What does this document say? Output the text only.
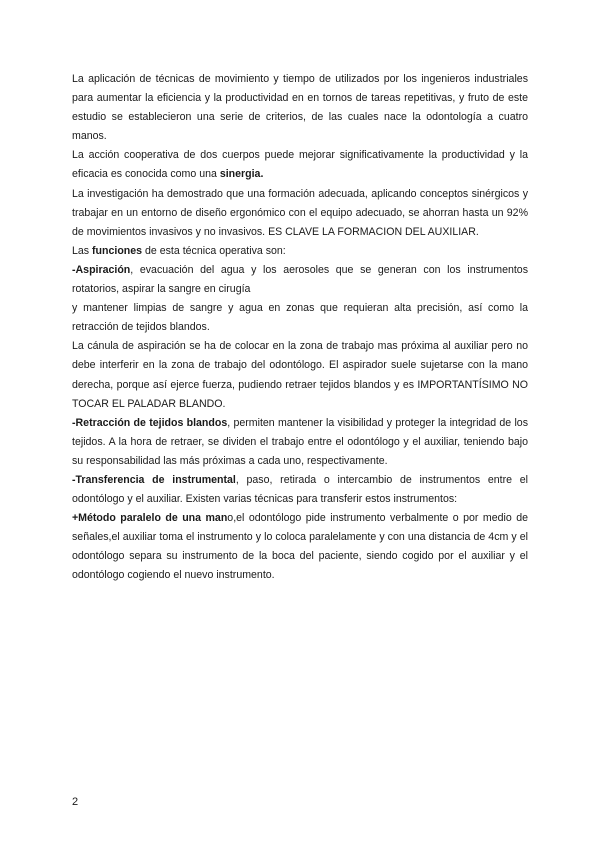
La aplicación de técnicas de movimiento y tiempo de utilizados por los ingenieros industriales para aumentar la eficiencia y la productividad en en tornos de tareas repetitivas, y fruto de este estudio se establecieron una serie de criterios, de las cuales nace la odontología a cuatro manos.

La acción cooperativa de dos cuerpos puede mejorar significativamente la productividad y la eficacia es conocida como una sinergia.

La investigación ha demostrado que una formación adecuada, aplicando conceptos sinérgicos y trabajar en un entorno de diseño ergonómico con el equipo adecuado, se ahorran hasta un 92% de movimientos invasivos y no invasivos. ES CLAVE LA FORMACION DEL AUXILIAR.

Las funciones de esta técnica operativa son:

-Aspiración, evacuación del agua y los aerosoles que se generan con los instrumentos rotatorios, aspirar la sangre en cirugía

y mantener limpias de sangre y agua en zonas que requieran alta precisión, así como la retracción de tejidos blandos.

La cánula de aspiración se ha de colocar en la zona de trabajo mas próxima al auxiliar pero no debe interferir en la zona de trabajo del odontólogo. El aspirador suele sujetarse con la mano derecha, porque así ejerce fuerza, pudiendo retraer tejidos blandos y es IMPORTANTÍSIMO NO TOCAR EL PALADAR BLANDO.

-Retracción de tejidos blandos, permiten mantener la visibilidad y proteger la integridad de los tejidos. A la hora de retraer, se dividen el trabajo entre el odontólogo y el auxiliar, teniendo bajo su responsabilidad las más próximas a cada uno, respectivamente.

-Transferencia de instrumental, paso, retirada o intercambio de instrumentos entre el odontólogo y el auxiliar. Existen varias técnicas para transferir estos instrumentos:

+Método paralelo de una mano,el odontólogo pide instrumento verbalmente o por medio de señales,el auxiliar toma el instrumento y lo coloca paralelamente y con una distancia de 4cm y el odontólogo separa su instrumento de la boca del paciente, siendo cogido por el auxiliar y el odontólogo cogiendo el nuevo instrumento.

2
